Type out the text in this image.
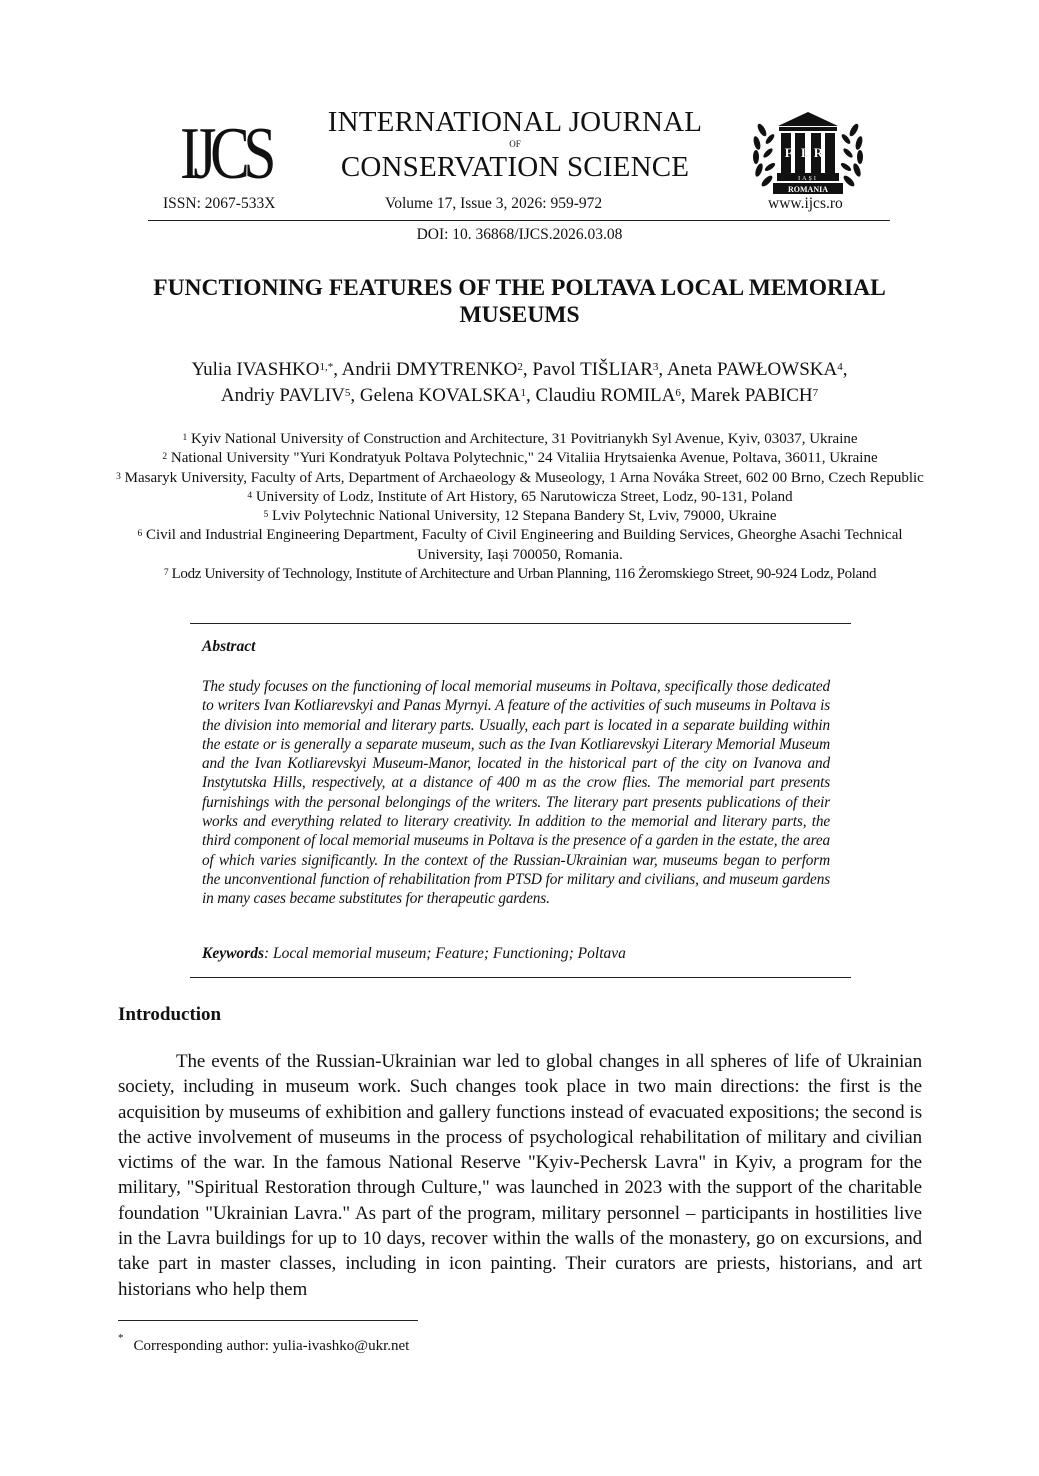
IJCS	INTERNATIONAL JOURNAL
OF
CONSERVATION SCIENCE	FIR
IAȘI
ROMANIA
ISSN: 2067-533X	Volume 17, Issue 3, 2026: 959-972	www.ijcs.ro
DOI: 10. 36868/IJCS.2026.03.08
FUNCTIONING FEATURES OF THE POLTAVA LOCAL MEMORIAL
MUSEUMS
Yulia $IVASHKO^{1,*}$, Andrii DMYTRENKO$^2$, Pavol TIŠLIAR$^3$, Aneta PAWŁOWSKA$^4$,
Andriy PAVLIV$^5$, Gelena KOVALSKA$^1$, Claudiu ROMILA$^6$, Marek PABICH$^7$
$^1$ Kyiv National University of Construction and Architecture, 31 Povitrianykh Syl Avenue, Kyiv, 03037, Ukraine
$^2$ National University "Yuri Kondratyuk Poltava Polytechnic," 24 Vitaliia Hrytsaienka Avenue, Poltava, 36011, Ukraine
$^3$ Masaryk University, Faculty of Arts, Department of Archaeology & Museology, 1 Arna Nováka Street, 602 00 Brno, Czech Republic
$^4$ University of Lodz, Institute of Art History, 65 Narutowicza Street, Lodz, 90-131, Poland
$^5$ Lviv Polytechnic National University, 12 Stepana Bandery St, Lviv, 79000, Ukraine
$^6$ Civil and Industrial Engineering Department, Faculty of Civil Engineering and Building Services, Gheorghe Asachi Technical University, Iași 700050, Romania.
$^7$ Lodz University of Technology, Institute of Architecture and Urban Planning, 116 Żeromskiego Street, 90-924 Lodz, Poland
Abstract
The study focuses on the functioning of local memorial museums in Poltava, specifically those dedicated to writers Ivan Kotliarevskyi and Panas Myrnyi. A feature of the activities of such museums in Poltava is the division into memorial and literary parts. Usually, each part is located in a separate building within the estate or is generally a separate museum, such as the Ivan Kotliarevskyi Literary Memorial Museum and the Ivan Kotliarevskyi Museum-Manor, located in the historical part of the city on Ivanova and Instytutska Hills, respectively, at a distance of 400 m as the crow flies. The memorial part presents furnishings with the personal belongings of the writers. The literary part presents publications of their works and everything related to literary creativity. In addition to the memorial and literary parts, the third component of local memorial museums in Poltava is the presence of a garden in the estate, the area of which varies significantly. In the context of the Russian-Ukrainian war, museums began to perform the unconventional function of rehabilitation from PTSD for military and civilians, and museum gardens in many cases became substitutes for therapeutic gardens.
Keywords: Local memorial museum; Feature; Functioning; Poltava
Introduction
The events of the Russian-Ukrainian war led to global changes in all spheres of life of Ukrainian society, including in museum work. Such changes took place in two main directions: the first is the acquisition by museums of exhibition and gallery functions instead of evacuated expositions; the second is the active involvement of museums in the process of psychological rehabilitation of military and civilian victims of the war. In the famous National Reserve "Kyiv-Pechersk Lavra" in Kyiv, a program for the military, "Spiritual Restoration through Culture," was launched in 2023 with the support of the charitable foundation "Ukrainian Lavra." As part of the program, military personnel – participants in hostilities live in the Lavra buildings for up to 10 days, recover within the walls of the monastery, go on excursions, and take part in master classes, including in icon painting. Their curators are priests, historians, and art historians who help them
* Corresponding author: yulia-ivashko@ukr.net
